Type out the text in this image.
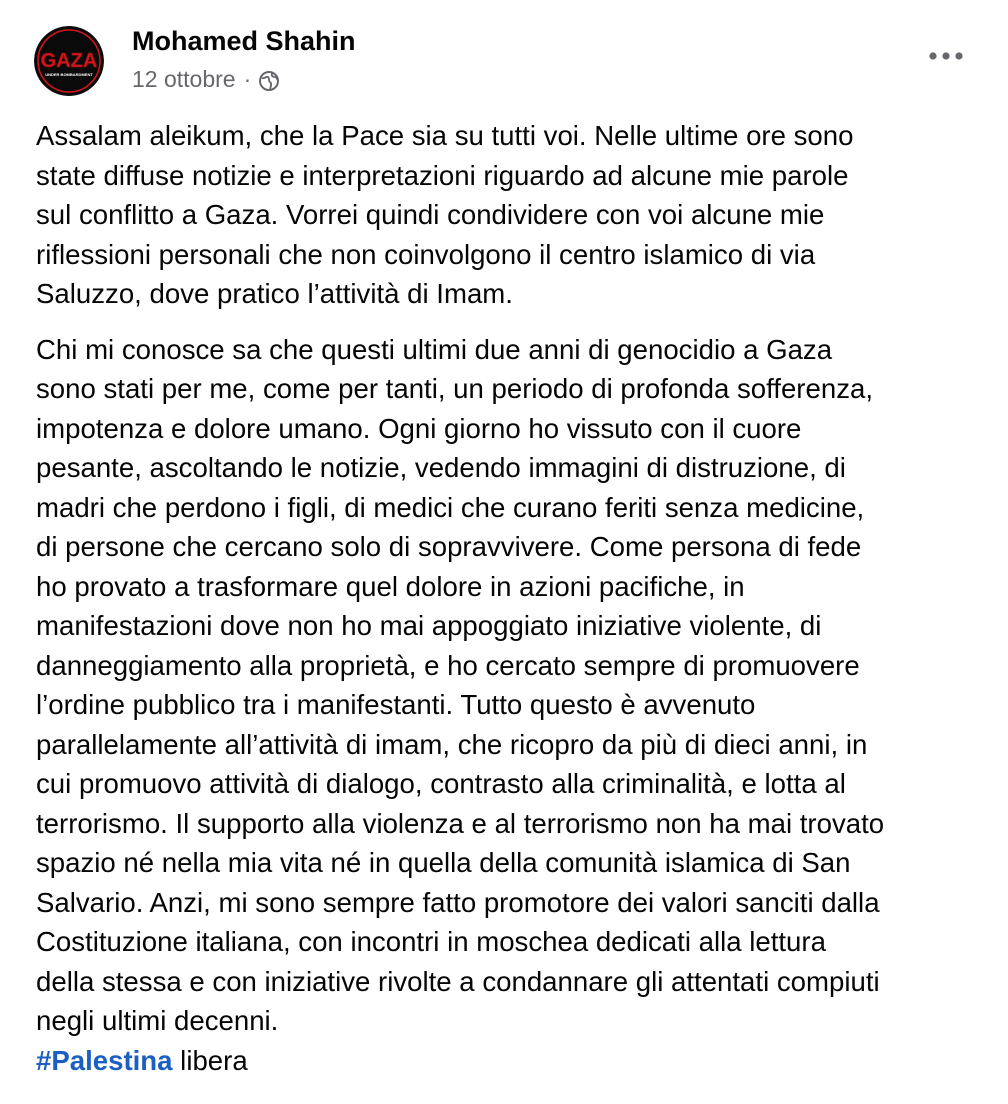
GAZA
UNDER BOMBARDMENT
Mohamed Shahin
12 ottobre ·

Assalam aleikum, che la Pace sia su tutti voi. Nelle ultime ore sono

state diffuse notizie e interpretazioni riguardo ad alcune mie parole

sul conflitto a Gaza. Vorrei quindi condividere con voi alcune mie

riflessioni personali che non coinvolgono il centro islamico di via

Saluzzo, dove pratico l’attività di Imam.

Chi mi conosce sa che questi ultimi due anni di genocidio a Gaza

sono stati per me, come per tanti, un periodo di profonda sofferenza,

impotenza e dolore umano. Ogni giorno ho vissuto con il cuore

pesante, ascoltando le notizie, vedendo immagini di distruzione, di

madri che perdono i figli, di medici che curano feriti senza medicine,

di persone che cercano solo di sopravvivere. Come persona di fede

ho provato a trasformare quel dolore in azioni pacifiche, in

manifestazioni dove non ho mai appoggiato iniziative violente, di

danneggiamento alla proprietà, e ho cercato sempre di promuovere

l’ordine pubblico tra i manifestanti. Tutto questo è avvenuto

parallelamente all’attività di imam, che ricopro da più di dieci anni, in

cui promuovo attività di dialogo, contrasto alla criminalità, e lotta al

terrorismo. Il supporto alla violenza e al terrorismo non ha mai trovato

spazio né nella mia vita né in quella della comunità islamica di San

Salvario. Anzi, mi sono sempre fatto promotore dei valori sanciti dalla

Costituzione italiana, con incontri in moschea dedicati alla lettura

della stessa e con iniziative rivolte a condannare gli attentati compiuti

negli ultimi decenni.

#Palestina libera
